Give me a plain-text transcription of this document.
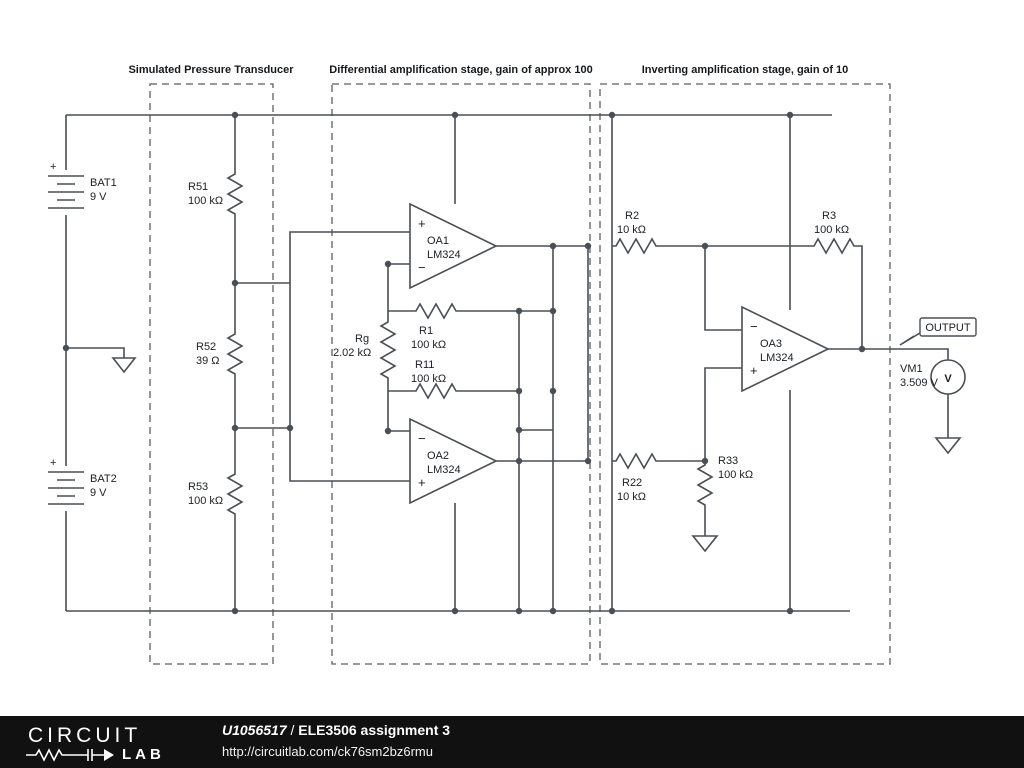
Simulated Pressure Transducer	Differential amplification stage, gain of approx 100	Inverting amplification stage, gain of 10
+
BAT1
9 V
+
BAT2
9 V
R51
100 kΩ
R52
39 Ω
R53
100 kΩ
+
−
OA1
LM324
−
+
OA2
LM324
Rg
2.02 kΩ
R1
100 kΩ
R11
100 kΩ
R2
10 kΩ
R22
10 kΩ
R33
100 kΩ
−
+
OA3
LM324
R3
100 kΩ
OUTPUT
V
VM1
3.509 V
CIRCUIT
LAB
U1056517 / ELE3506 assignment 3
http://circuitlab.com/ck76sm2bz6rmu
